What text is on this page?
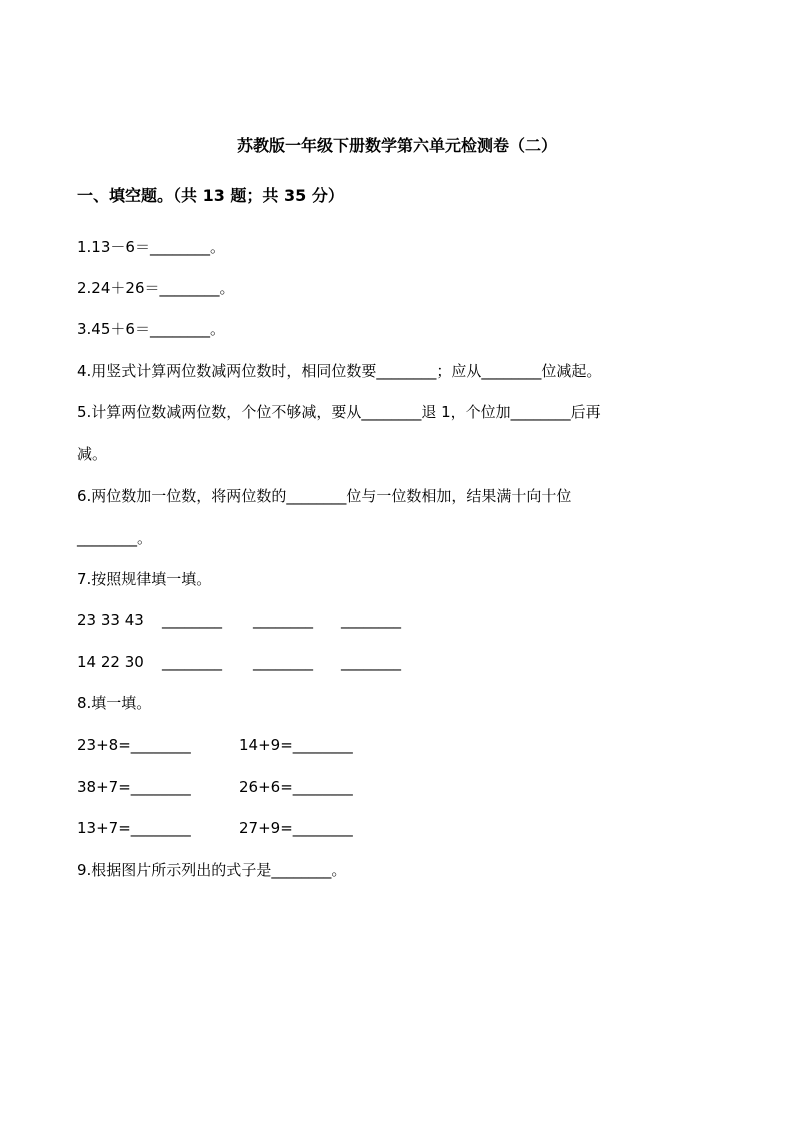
苏教版一年级下册数学第六单元检测卷（二）
一、填空题。（共 13 题；共 35 分）
1.13－6＝________。
2.24＋26＝________。
3.45＋6＝________。
4.用竖式计算两位数减两位数时，相同位数要________；应从________位减起。
5.计算两位数减两位数，个位不够减，要从________退 1，个位加________后再
减。
6.两位数加一位数，将两位数的________位与一位数相加，结果满十向十位
________。
7.按照规律填一填。
23 33 43 ________ ________ ________
14 22 30 ________ ________ ________
8.填一填。
23+8=________	14+9=________
38+7=________	26+6=________
13+7=________	27+9=________
9.根据图片所示列出的式子是________。
